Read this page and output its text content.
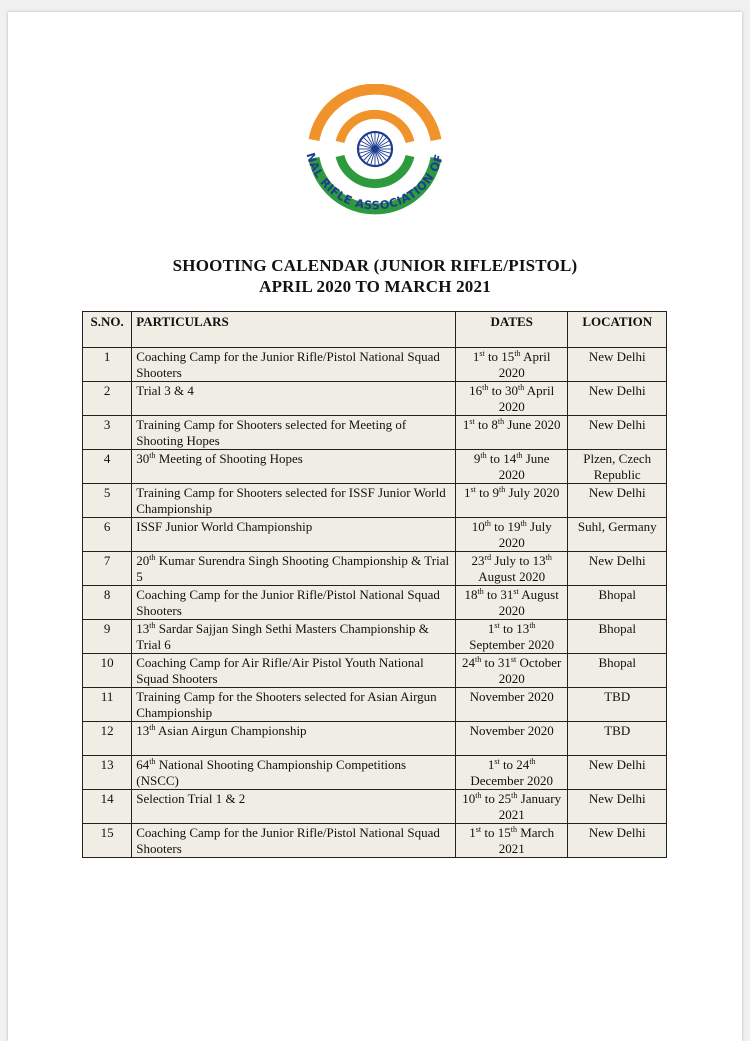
NAL RIFLE ASSOCIATION OF
SHOOTING CALENDAR (JUNIOR RIFLE/PISTOL)
APRIL 2020 TO MARCH 2021
S.NO.	PARTICULARS	DATES	LOCATION
1	Coaching Camp for the Junior Rifle/Pistol National Squad Shooters	1st to 15th April 2020	New Delhi
2	Trial 3 & 4	16th to 30th April 2020	New Delhi
3	Training Camp for Shooters selected for Meeting of Shooting Hopes	1st to 8th June 2020	New Delhi
4	30th Meeting of Shooting Hopes	9th to 14th June 2020	Plzen, Czech Republic
5	Training Camp for Shooters selected for ISSF Junior World Championship	1st to 9th July 2020	New Delhi
6	ISSF Junior World Championship	10th to 19th July 2020	Suhl, Germany
7	20th Kumar Surendra Singh Shooting Championship & Trial 5	23rd July to 13th August 2020	New Delhi
8	Coaching Camp for the Junior Rifle/Pistol National Squad Shooters	18th to 31st August 2020	Bhopal
9	13th Sardar Sajjan Singh Sethi Masters Championship & Trial 6	1st to 13th September 2020	Bhopal
10	Coaching Camp for Air Rifle/Air Pistol Youth National Squad Shooters	24th to 31st October 2020	Bhopal
11	Training Camp for the Shooters selected for Asian Airgun Championship	November 2020	TBD
12	13th Asian Airgun Championship	November 2020	TBD
13	64th National Shooting Championship Competitions (NSCC)	1st to 24th December 2020	New Delhi
14	Selection Trial 1 & 2	10th to 25th January 2021	New Delhi
15	Coaching Camp for the Junior Rifle/Pistol National Squad Shooters	1st to 15th March 2021	New Delhi
